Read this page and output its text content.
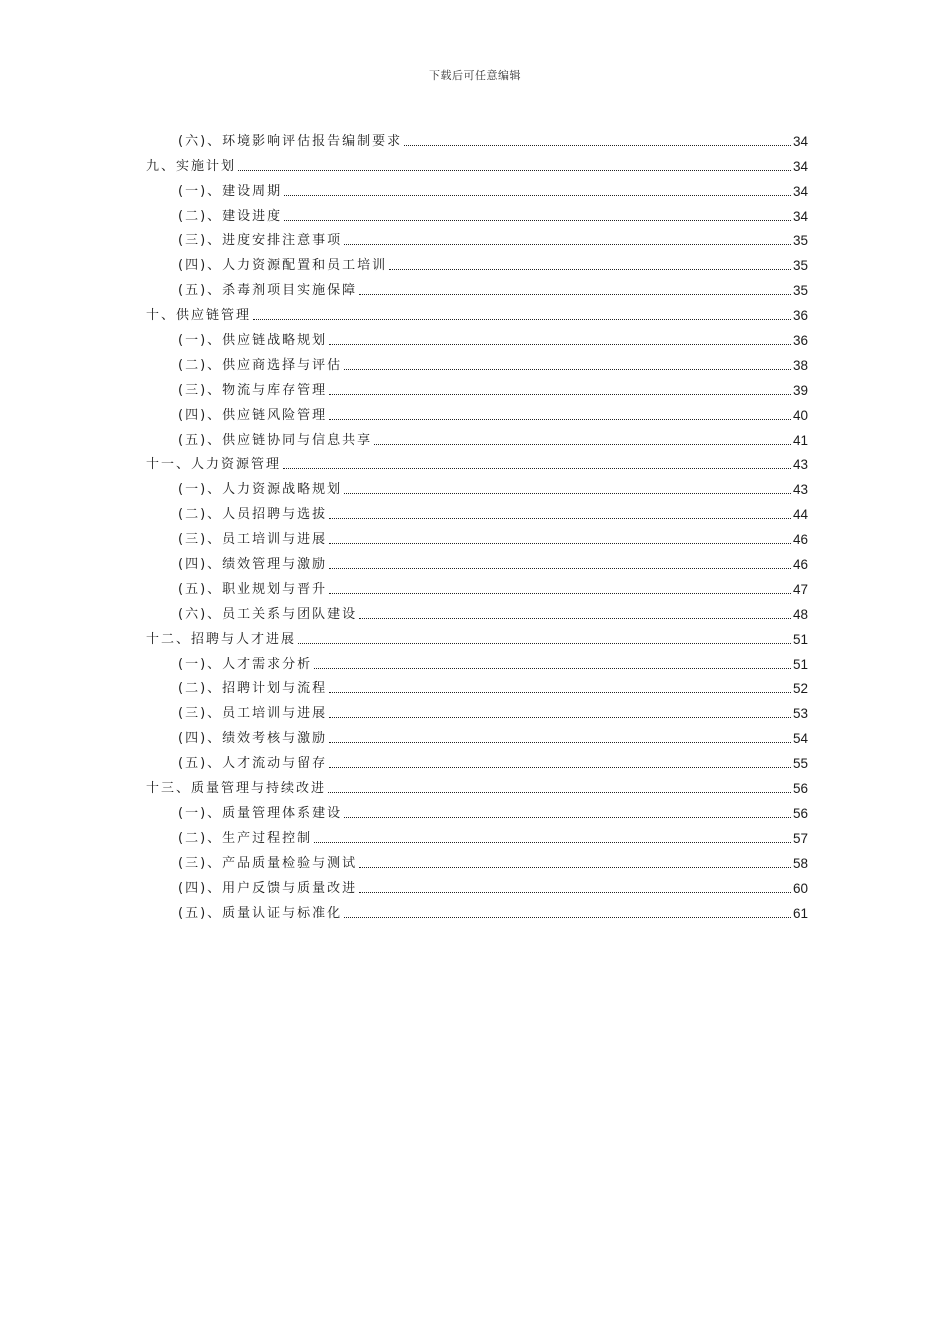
下载后可任意编辑
(六)、环境影响评估报告编制要求	34
九、实施计划	34
(一)、建设周期	34
(二)、建设进度	34
(三)、进度安排注意事项	35
(四)、人力资源配置和员工培训	35
(五)、杀毒剂项目实施保障	35
十、供应链管理	36
(一)、供应链战略规划	36
(二)、供应商选择与评估	38
(三)、物流与库存管理	39
(四)、供应链风险管理	40
(五)、供应链协同与信息共享	41
十一、人力资源管理	43
(一)、人力资源战略规划	43
(二)、人员招聘与选拔	44
(三)、员工培训与进展	46
(四)、绩效管理与激励	46
(五)、职业规划与晋升	47
(六)、员工关系与团队建设	48
十二、招聘与人才进展	51
(一)、人才需求分析	51
(二)、招聘计划与流程	52
(三)、员工培训与进展	53
(四)、绩效考核与激励	54
(五)、人才流动与留存	55
十三、质量管理与持续改进	56
(一)、质量管理体系建设	56
(二)、生产过程控制	57
(三)、产品质量检验与测试	58
(四)、用户反馈与质量改进	60
(五)、质量认证与标准化	61
